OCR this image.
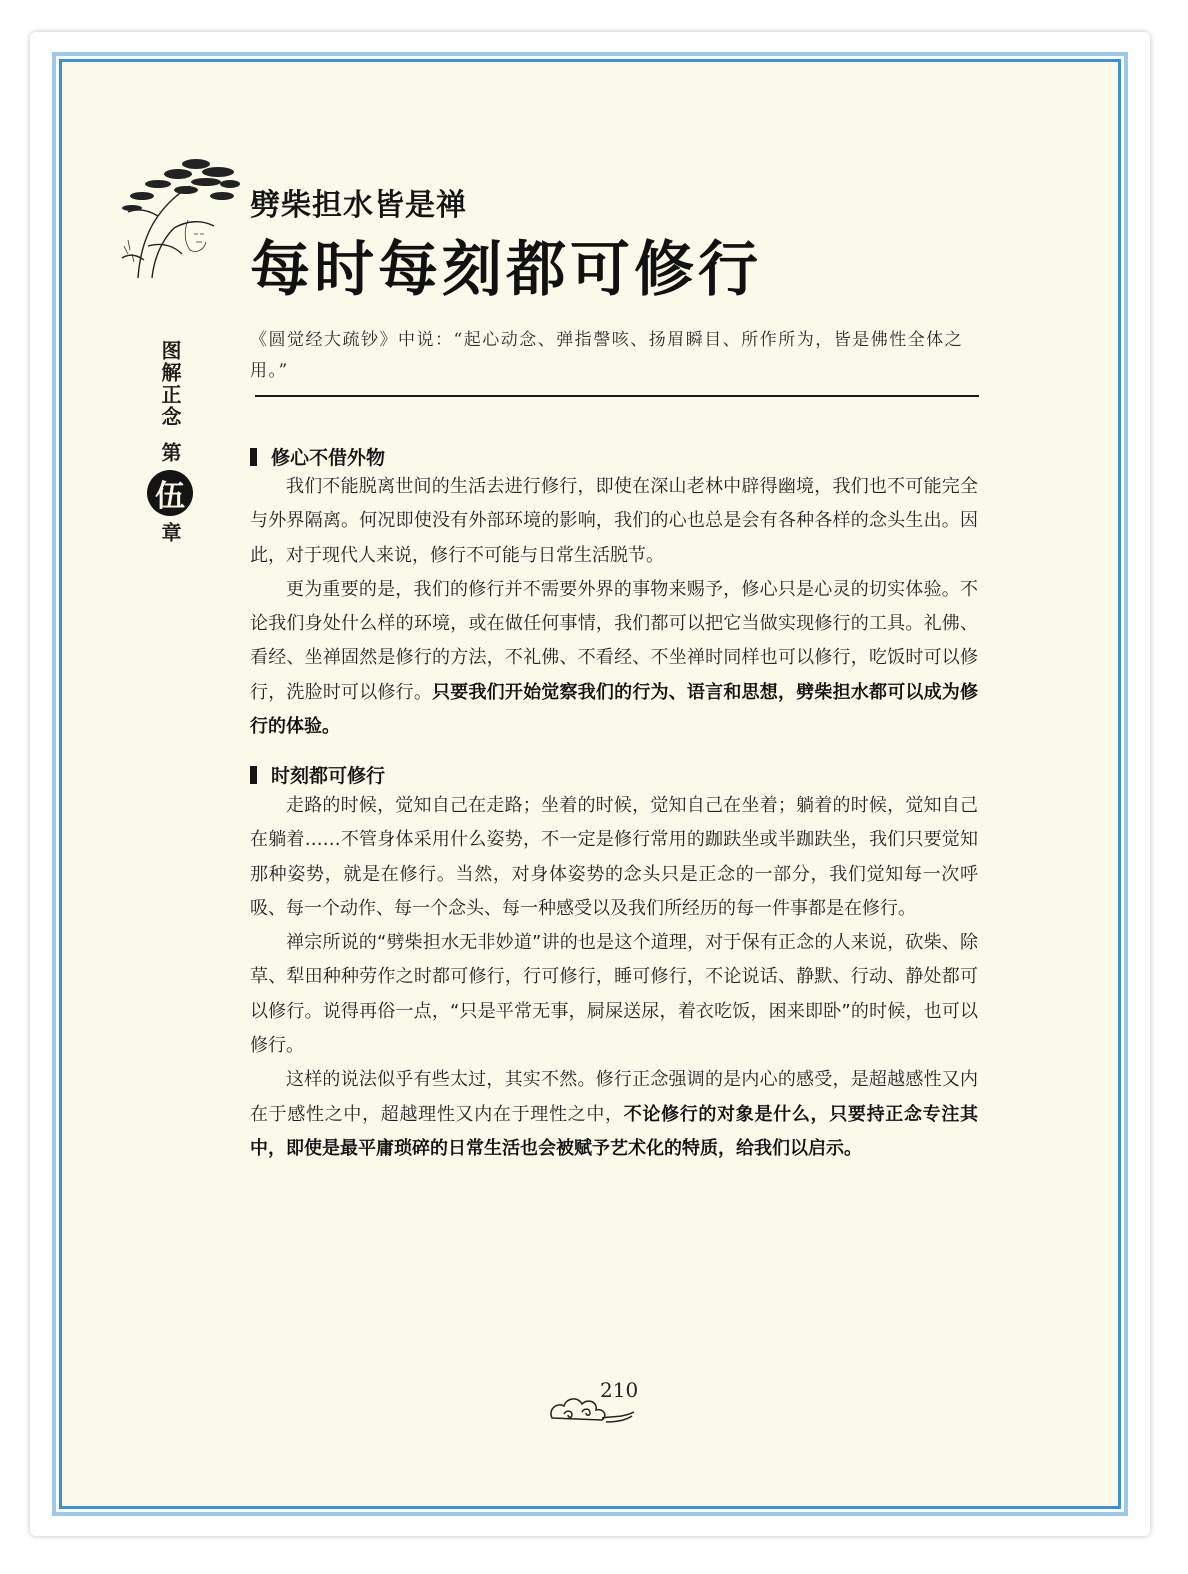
劈柴担水皆是禅
每时每刻都可修行
图解正念
第
伍
章
《圆觉经大疏钞》中说：“起心动念、弹指謦咳、扬眉瞬目、所作所为，皆是佛性全体之用。”
修心不借外物

我们不能脱离世间的生活去进行修行，即使在深山老林中辟得幽境，我们也不可能完全与外界隔离。何况即使没有外部环境的影响，我们的心也总是会有各种各样的念头生出。因此，对于现代人来说，修行不可能与日常生活脱节。

更为重要的是，我们的修行并不需要外界的事物来赐予，修心只是心灵的切实体验。不论我们身处什么样的环境，或在做任何事情，我们都可以把它当做实现修行的工具。礼佛、看经、坐禅固然是修行的方法，不礼佛、不看经、不坐禅时同样也可以修行，吃饭时可以修行，洗脸时可以修行。只要我们开始觉察我们的行为、语言和思想，劈柴担水都可以成为修行的体验。

时刻都可修行

走路的时候，觉知自己在走路；坐着的时候，觉知自己在坐着；躺着的时候，觉知自己在躺着……不管身体采用什么姿势，不一定是修行常用的跏趺坐或半跏趺坐，我们只要觉知那种姿势，就是在修行。当然，对身体姿势的念头只是正念的一部分，我们觉知每一次呼吸、每一个动作、每一个念头、每一种感受以及我们所经历的每一件事都是在修行。

禅宗所说的“劈柴担水无非妙道”讲的也是这个道理，对于保有正念的人来说，砍柴、除草、犁田种种劳作之时都可修行，行可修行，睡可修行，不论说话、静默、行动、静处都可以修行。说得再俗一点，“只是平常无事，屙屎送尿，着衣吃饭，困来即卧”的时候，也可以修行。

这样的说法似乎有些太过，其实不然。修行正念强调的是内心的感受，是超越感性又内在于感性之中，超越理性又内在于理性之中，不论修行的对象是什么，只要持正念专注其中，即使是最平庸琐碎的日常生活也会被赋予艺术化的特质，给我们以启示。

210
